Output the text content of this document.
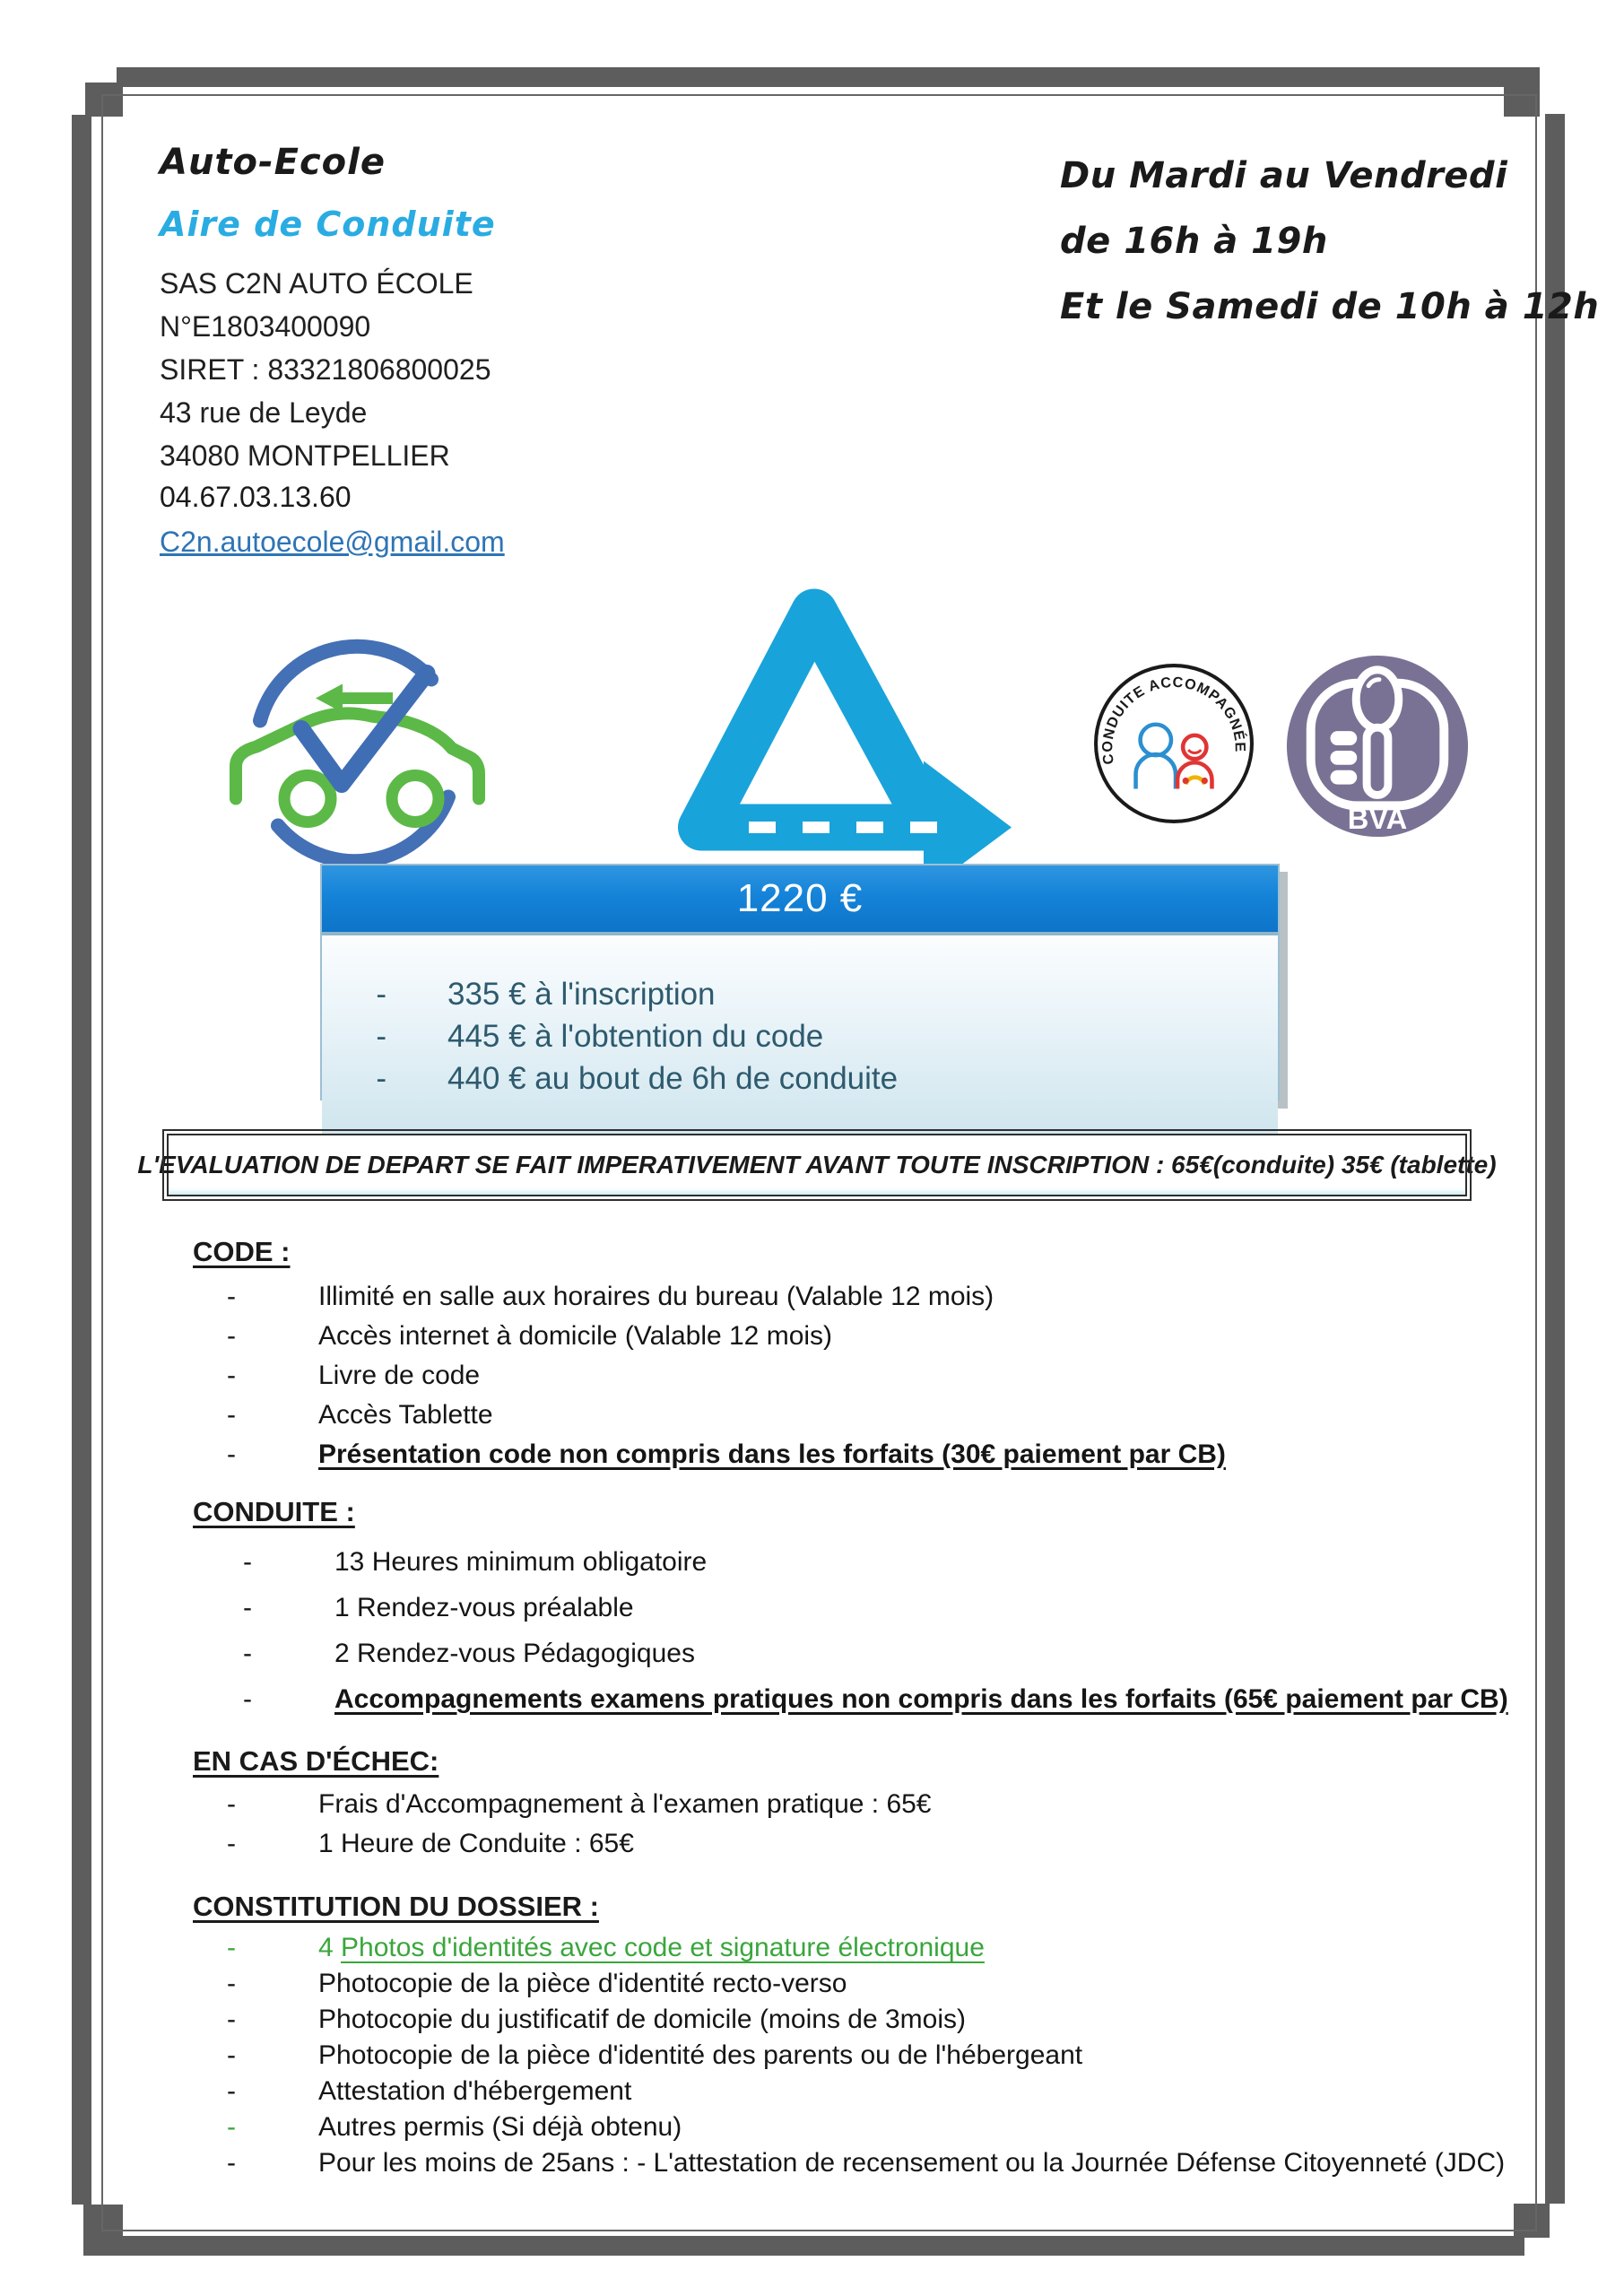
Auto-Ecole
Aire de Conduite
SAS C2N AUTO ÉCOLE
N°E1803400090
SIRET : 83321806800025
43 rue de Leyde
34080 MONTPELLIER
04.67.03.13.60
C2n.autoecole@gmail.com
Du Mardi au Vendredi
de 16h à 19h
Et le Samedi de 10h à 12h
CONDUITE ACCOMPAGNÉE
BVA
1220 €
- 335 € à l'inscription
- 445 € à l'obtention du code
- 440 € au bout de 6h de conduite
L'EVALUATION DE DEPART SE FAIT IMPERATIVEMENT AVANT TOUTE INSCRIPTION : 65€(conduite) 35€ (tablette)
CODE :
-	Illimité en salle aux horaires du bureau (Valable 12 mois)
-	Accès internet à domicile (Valable 12 mois)
-	Livre de code
-	Accès Tablette
-	Présentation code non compris dans les forfaits (30€ paiement par CB)
CONDUITE :
-	13 Heures minimum obligatoire
-	1 Rendez-vous préalable
-	2 Rendez-vous Pédagogiques
-	Accompagnements examens pratiques non compris dans les forfaits (65€ paiement par CB)
EN CAS D'ÉCHEC:
-	Frais d'Accompagnement à l'examen pratique : 65€
-	1 Heure de Conduite : 65€
CONSTITUTION DU DOSSIER :
-	4 Photos d'identités avec code et signature électronique
-	Photocopie de la pièce d'identité recto-verso
-	Photocopie du justificatif de domicile (moins de 3mois)
-	Photocopie de la pièce d'identité des parents ou de l'hébergeant
-	Attestation d'hébergement
-	Autres permis (Si déjà obtenu)
-	Pour les moins de 25ans : - L'attestation de recensement ou la Journée Défense Citoyenneté (JDC)
